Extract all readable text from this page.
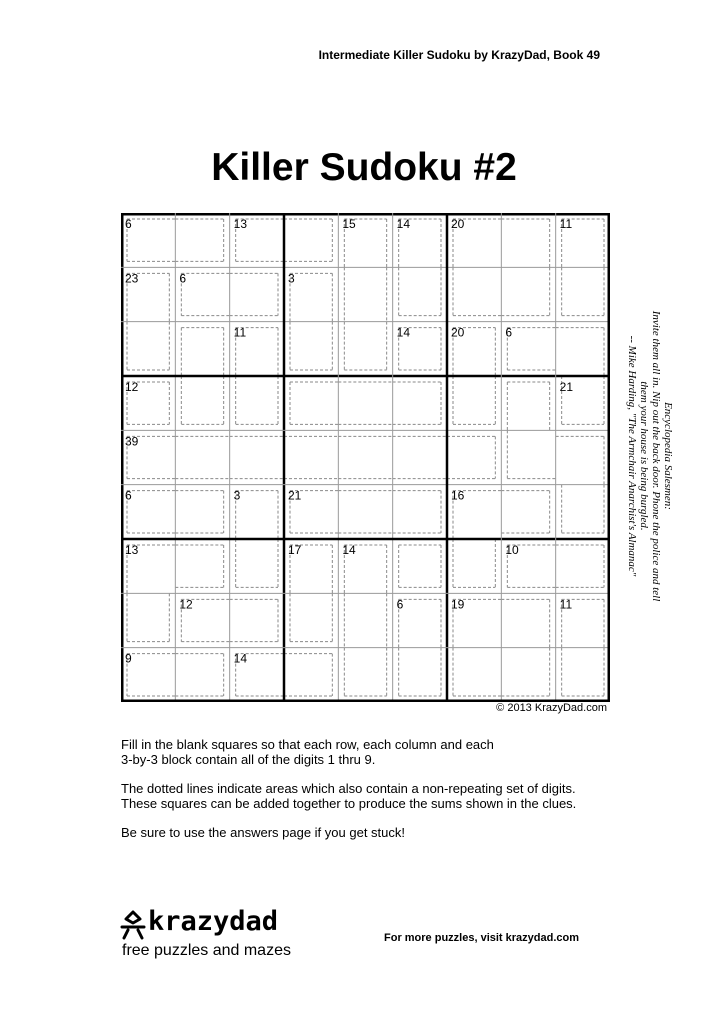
Intermediate Killer Sudoku by KrazyDad, Book 49
Killer Sudoku #2
6	13	15	14	20	11
23	6	3
11	14	20	6
12	21
39
6	3	21	16
13	17	14	10
12	6	19	11
9	14
© 2013 KrazyDad.com
Encyclopedia Salesmen:
Invite them all in. Nip out the back door. Phone the police and tell
them your house is being burgled.
-- Mike Harding, "The Armchair Anarchist's Almanac"

Fill in the blank squares so that each row, each column and each
3-by-3 block contain all of the digits 1 thru 9.

The dotted lines indicate areas which also contain a non-repeating set of digits.
These squares can be added together to produce the sums shown in the clues.

Be sure to use the answers page if you get stuck!

krazydad
free puzzles and mazes
For more puzzles, visit krazydad.com
